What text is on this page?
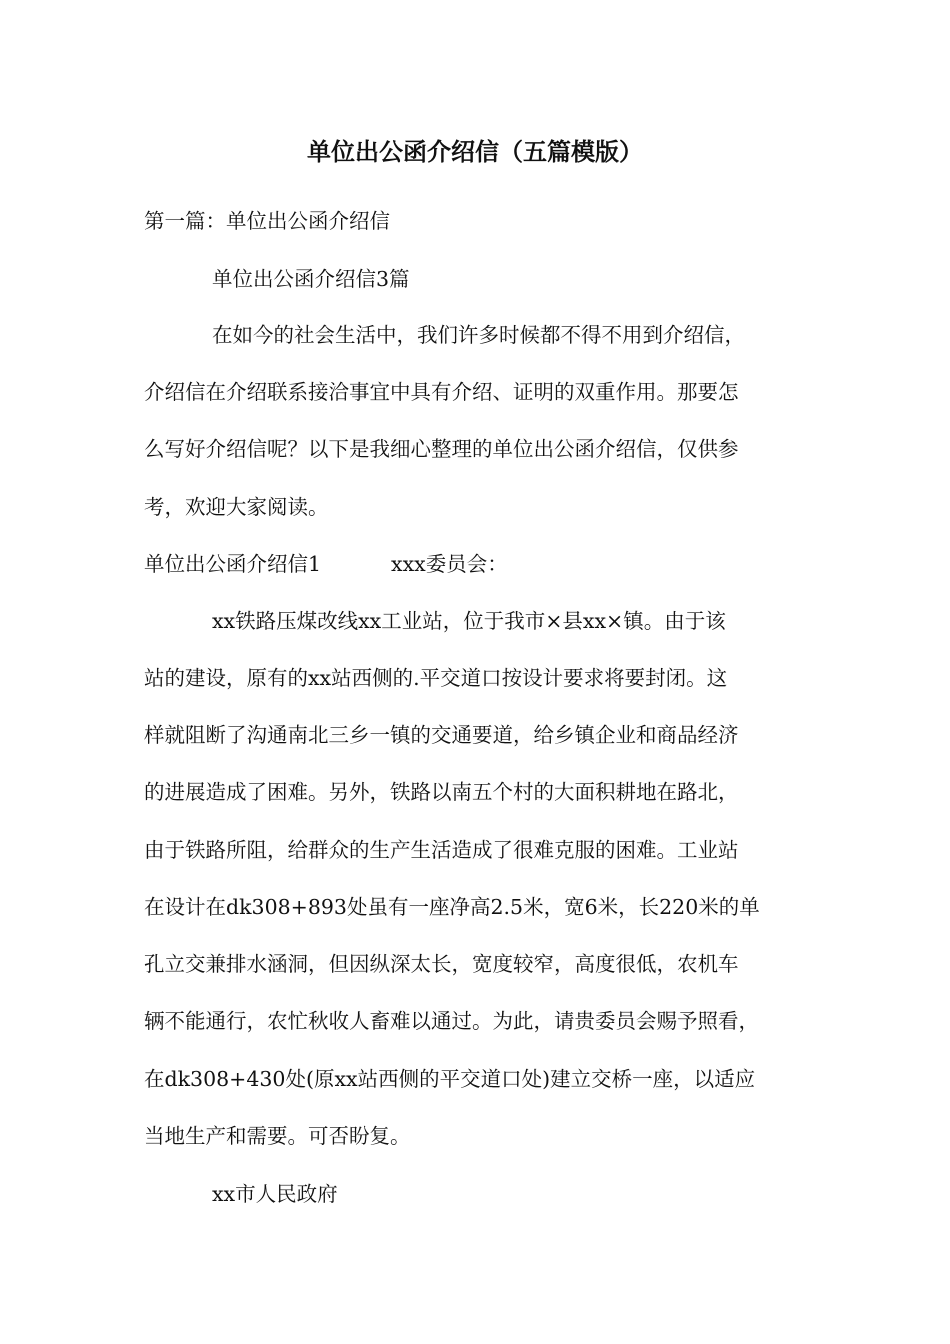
单位出公函介绍信（五篇模版）
第一篇：单位出公函介绍信
单位出公函介绍信3篇
在如今的社会生活中，我们许多时候都不得不用到介绍信，
介绍信在介绍联系接洽事宜中具有介绍、证明的双重作用。那要怎
么写好介绍信呢？以下是我细心整理的单位出公函介绍信，仅供参
考，欢迎大家阅读。
单位出公函介绍信1	xxx委员会：
xx铁路压煤改线xx工业站，位于我市×县xx×镇。由于该
站的建设，原有的xx站西侧的.平交道口按设计要求将要封闭。这
样就阻断了沟通南北三乡一镇的交通要道，给乡镇企业和商品经济
的进展造成了困难。另外，铁路以南五个村的大面积耕地在路北，
由于铁路所阻，给群众的生产生活造成了很难克服的困难。工业站
在设计在dk308+893处虽有一座净高2.5米，宽6米，长220米的单
孔立交兼排水涵洞，但因纵深太长，宽度较窄，高度很低，农机车
辆不能通行，农忙秋收人畜难以通过。为此，请贵委员会赐予照看，
在dk308+430处(原xx站西侧的平交道口处)建立交桥一座，以适应
当地生产和需要。可否盼复。
xx市人民政府
